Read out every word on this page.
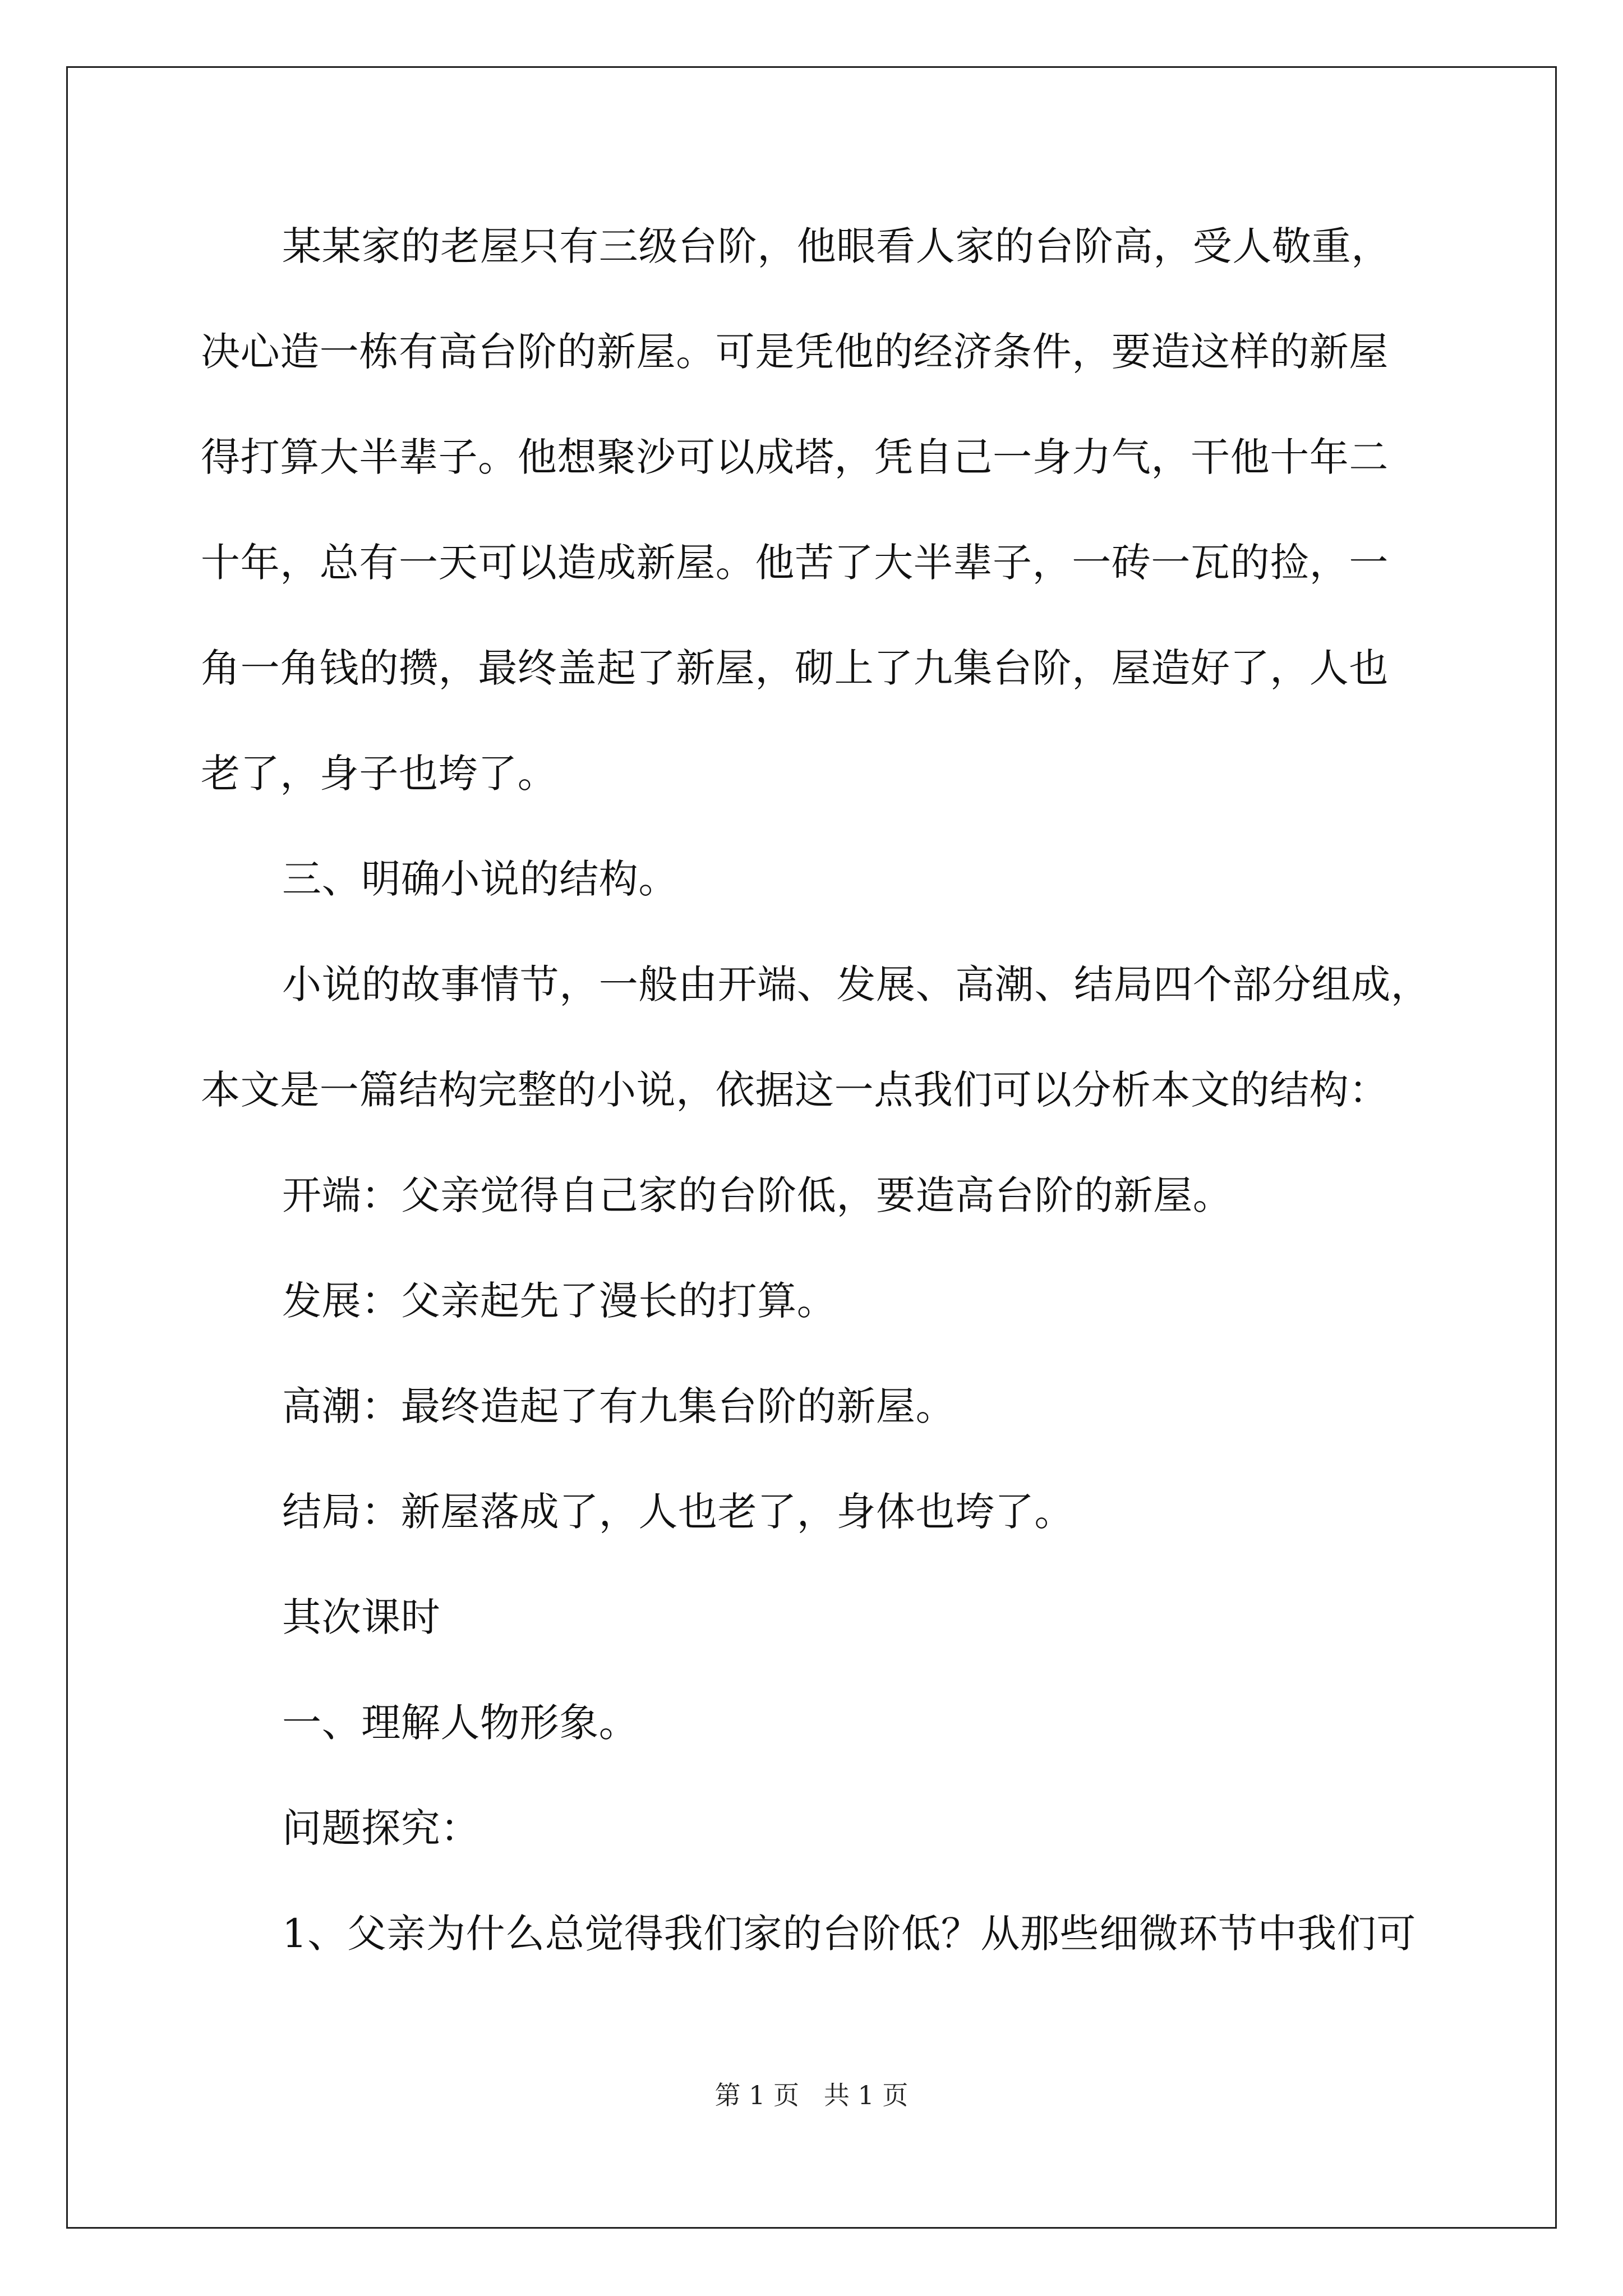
某某家的老屋只有三级台阶，他眼看人家的台阶高，受人敬重，
决心造一栋有高台阶的新屋。可是凭他的经济条件，要造这样的新屋
得打算大半辈子。他想聚沙可以成塔，凭自己一身力气，干他十年二
十年，总有一天可以造成新屋。他苦了大半辈子，一砖一瓦的捡，一
角一角钱的攒，最终盖起了新屋，砌上了九集台阶，屋造好了，人也
老了，身子也垮了。
三、明确小说的结构。
小说的故事情节，一般由开端、发展、高潮、结局四个部分组成，
本文是一篇结构完整的小说，依据这一点我们可以分析本文的结构：
开端：父亲觉得自己家的台阶低，要造高台阶的新屋。
发展：父亲起先了漫长的打算。
高潮：最终造起了有九集台阶的新屋。
结局：新屋落成了，人也老了，身体也垮了。
其次课时
一、理解人物形象。
问题探究：
1、父亲为什么总觉得我们家的台阶低？从那些细微环节中我们可
第 1 页   共 1 页
